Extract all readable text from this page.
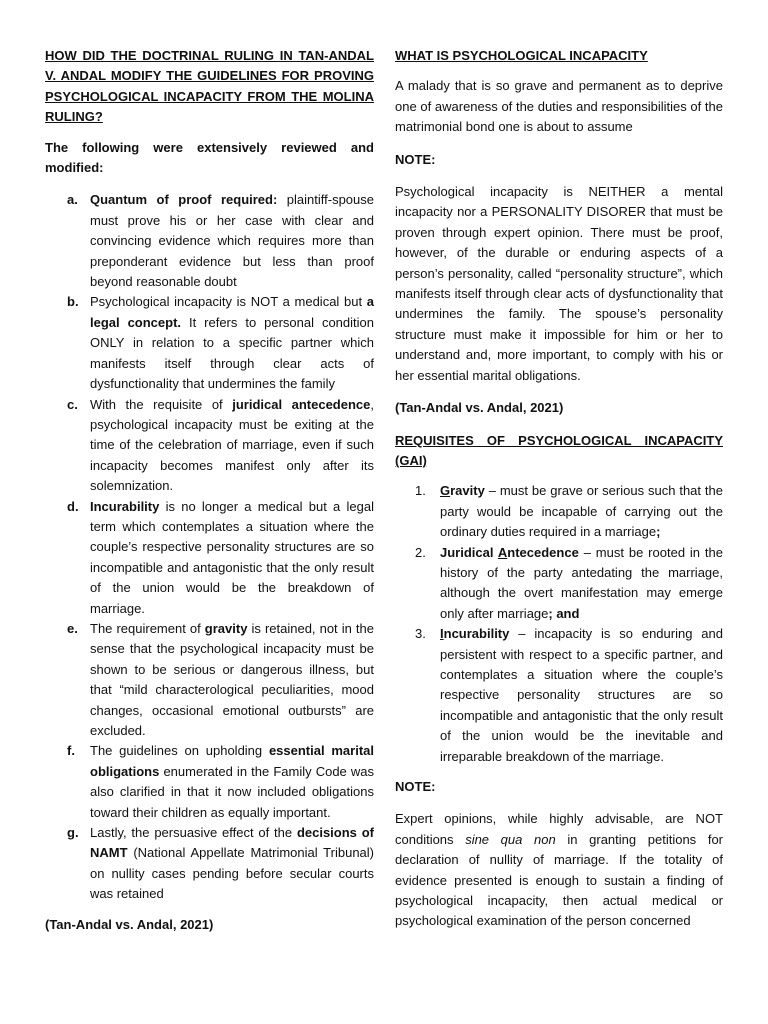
HOW DID THE DOCTRINAL RULING IN TAN-ANDAL V. ANDAL MODIFY THE GUIDELINES FOR PROVING PSYCHOLOGICAL INCAPACITY FROM THE MOLINA RULING?

The following were extensively reviewed and modified:

a. Quantum of proof required: plaintiff-spouse must prove his or her case with clear and convincing evidence which requires more than preponderant evidence but less than proof beyond reasonable doubt
b. Psychological incapacity is NOT a medical but a legal concept. It refers to personal condition ONLY in relation to a specific partner which manifests itself through clear acts of dysfunctionality that undermines the family
c. With the requisite of juridical antecedence, psychological incapacity must be exiting at the time of the celebration of marriage, even if such incapacity becomes manifest only after its solemnization.
d. Incurability is no longer a medical but a legal term which contemplates a situation where the couple’s respective personality structures are so incompatible and antagonistic that the only result of the union would be the breakdown of marriage.
e. The requirement of gravity is retained, not in the sense that the psychological incapacity must be shown to be serious or dangerous illness, but that “mild characterological peculiarities, mood changes, occasional emotional outbursts” are excluded.
f. The guidelines on upholding essential marital obligations enumerated in the Family Code was also clarified in that it now included obligations toward their children as equally important.
g. Lastly, the persuasive effect of the decisions of NAMT (National Appellate Matrimonial Tribunal) on nullity cases pending before secular courts was retained

(Tan-Andal vs. Andal, 2021)

WHAT IS PSYCHOLOGICAL INCAPACITY

A malady that is so grave and permanent as to deprive one of awareness of the duties and responsibilities of the matrimonial bond one is about to assume

NOTE:

Psychological incapacity is NEITHER a mental incapacity nor a PERSONALITY DISORER that must be proven through expert opinion. There must be proof, however, of the durable or enduring aspects of a person’s personality, called “personality structure”, which manifests itself through clear acts of dysfunctionality that undermines the family. The spouse’s personality structure must make it impossible for him or her to understand and, more important, to comply with his or her essential marital obligations.

(Tan-Andal vs. Andal, 2021)

REQUISITES OF PSYCHOLOGICAL INCAPACITY (GAI)

1. Gravity – must be grave or serious such that the party would be incapable of carrying out the ordinary duties required in a marriage;
2. Juridical Antecedence – must be rooted in the history of the party antedating the marriage, although the overt manifestation may emerge only after marriage; and
3. Incurability – incapacity is so enduring and persistent with respect to a specific partner, and contemplates a situation where the couple’s respective personality structures are so incompatible and antagonistic that the only result of the union would be the inevitable and irreparable breakdown of the marriage.

NOTE:

Expert opinions, while highly advisable, are NOT conditions sine qua non in granting petitions for declaration of nullity of marriage. If the totality of evidence presented is enough to sustain a finding of psychological incapacity, then actual medical or psychological examination of the person concerned
